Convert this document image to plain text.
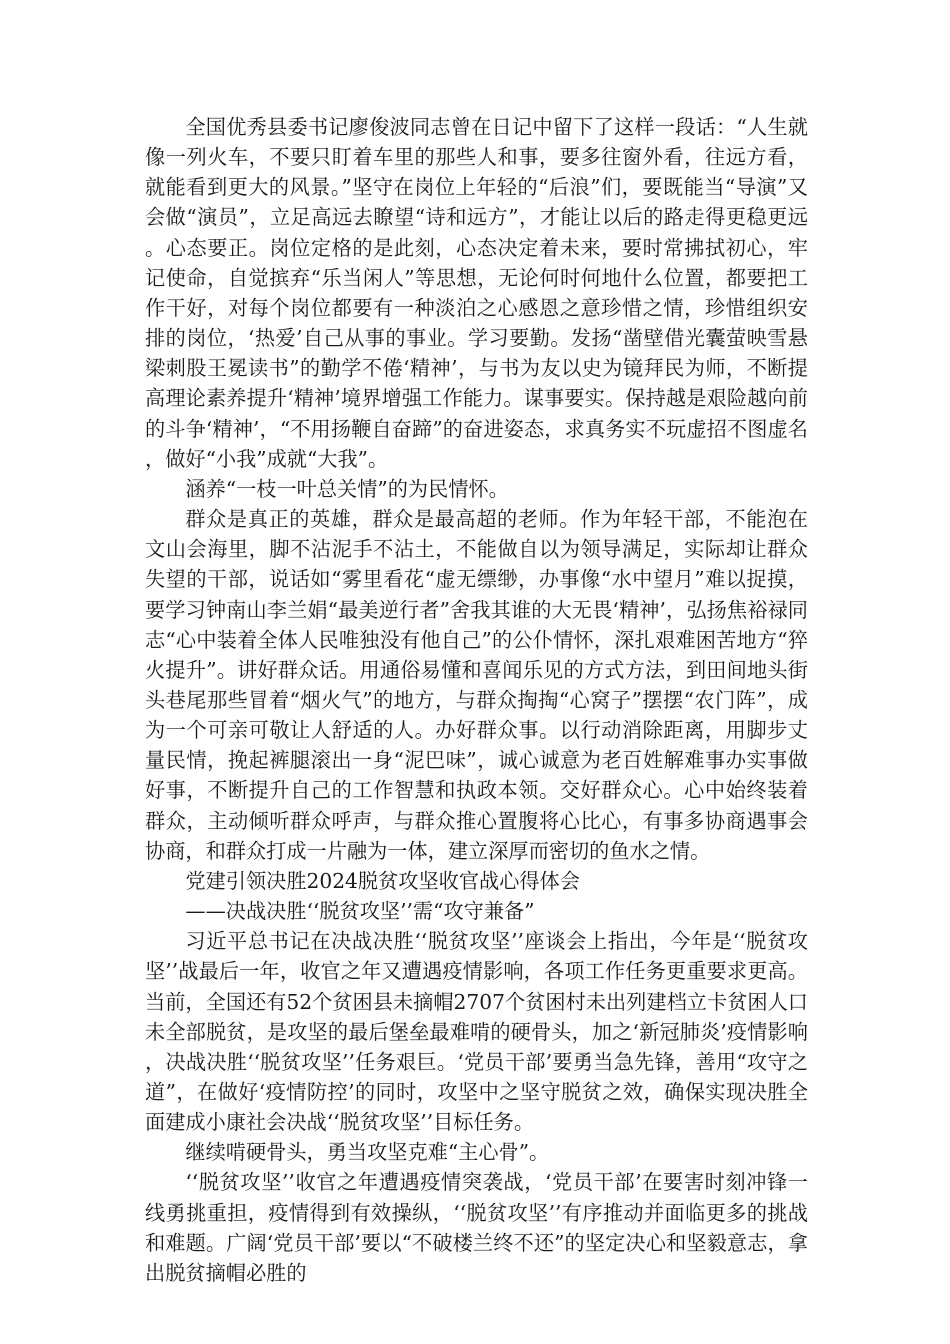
全国优秀县委书记廖俊波同志曾在日记中留下了这样一段话：“人生就像一列火车，不要只盯着车里的那些人和事，要多往窗外看，往远方看，就能看到更大的风景。”坚守在岗位上年轻的“后浪”们，要既能当“导演”又会做“演员”，立足高远去瞭望“诗和远方”，才能让以后的路走得更稳更远。心态要正。岗位定格的是此刻，心态决定着未来，要时常拂拭初心，牢记使命，自觉摈弃“乐当闲人”等思想，无论何时何地什么位置，都要把工作干好，对每个岗位都要有一种淡泊之心感恩之意珍惜之情，珍惜组织安排的岗位，‘热爱’自己从事的事业。学习要勤。发扬“凿壁借光囊萤映雪悬梁刺股王冕读书”的勤学不倦‘精神’，与书为友以史为镜拜民为师，不断提高理论素养提升‘精神’境界增强工作能力。谋事要实。保持越是艰险越向前的斗争‘精神’，“不用扬鞭自奋蹄”的奋进姿态，求真务实不玩虚招不图虚名，做好“小我”成就“大我”。

涵养“一枝一叶总关情”的为民情怀。

群众是真正的英雄，群众是最高超的老师。作为年轻干部，不能泡在文山会海里，脚不沾泥手不沾土，不能做自以为领导满足，实际却让群众失望的干部，说话如“雾里看花“虚无缥缈，办事像“水中望月”难以捉摸，要学习钟南山李兰娟“最美逆行者”舍我其谁的大无畏‘精神’，弘扬焦裕禄同志“心中装着全体人民唯独没有他自己”的公仆情怀，深扎艰难困苦地方“猝火提升”。讲好群众话。用通俗易懂和喜闻乐见的方式方法，到田间地头街头巷尾那些冒着“烟火气”的地方，与群众掏掏“心窝子”摆摆“农门阵”，成为一个可亲可敬让人舒适的人。办好群众事。以行动消除距离，用脚步丈量民情，挽起裤腿滚出一身“泥巴味”，诚心诚意为老百姓解难事办实事做好事，不断提升自己的工作智慧和执政本领。交好群众心。心中始终装着群众，主动倾听群众呼声，与群众推心置腹将心比心，有事多协商遇事会协商，和群众打成一片融为一体，建立深厚而密切的鱼水之情。

党建引领决胜2024脱贫攻坚收官战心得体会

——决战决胜‘‘脱贫攻坚’’需“攻守兼备”

习近平总书记在决战决胜‘‘脱贫攻坚’’座谈会上指出，今年是‘‘脱贫攻坚’’战最后一年，收官之年又遭遇疫情影响，各项工作任务更重要求更高。当前，全国还有52个贫困县未摘帽2707个贫困村未出列建档立卡贫困人口未全部脱贫，是攻坚的最后堡垒最难啃的硬骨头，加之‘新冠肺炎’疫情影响，决战决胜‘‘脱贫攻坚’’任务艰巨。‘党员干部’要勇当急先锋，善用“攻守之道”，在做好‘疫情防控’的同时，攻坚中之坚守脱贫之效，确保实现决胜全面建成小康社会决战‘‘脱贫攻坚’’目标任务。

继续啃硬骨头，勇当攻坚克难“主心骨”。

‘‘脱贫攻坚’’收官之年遭遇疫情突袭战，‘党员干部’在要害时刻冲锋一线勇挑重担，疫情得到有效操纵，‘‘脱贫攻坚’’有序推动并面临更多的挑战和难题。广阔‘党员干部’要以“不破楼兰终不还”的坚定决心和坚毅意志，拿出脱贫摘帽必胜的
